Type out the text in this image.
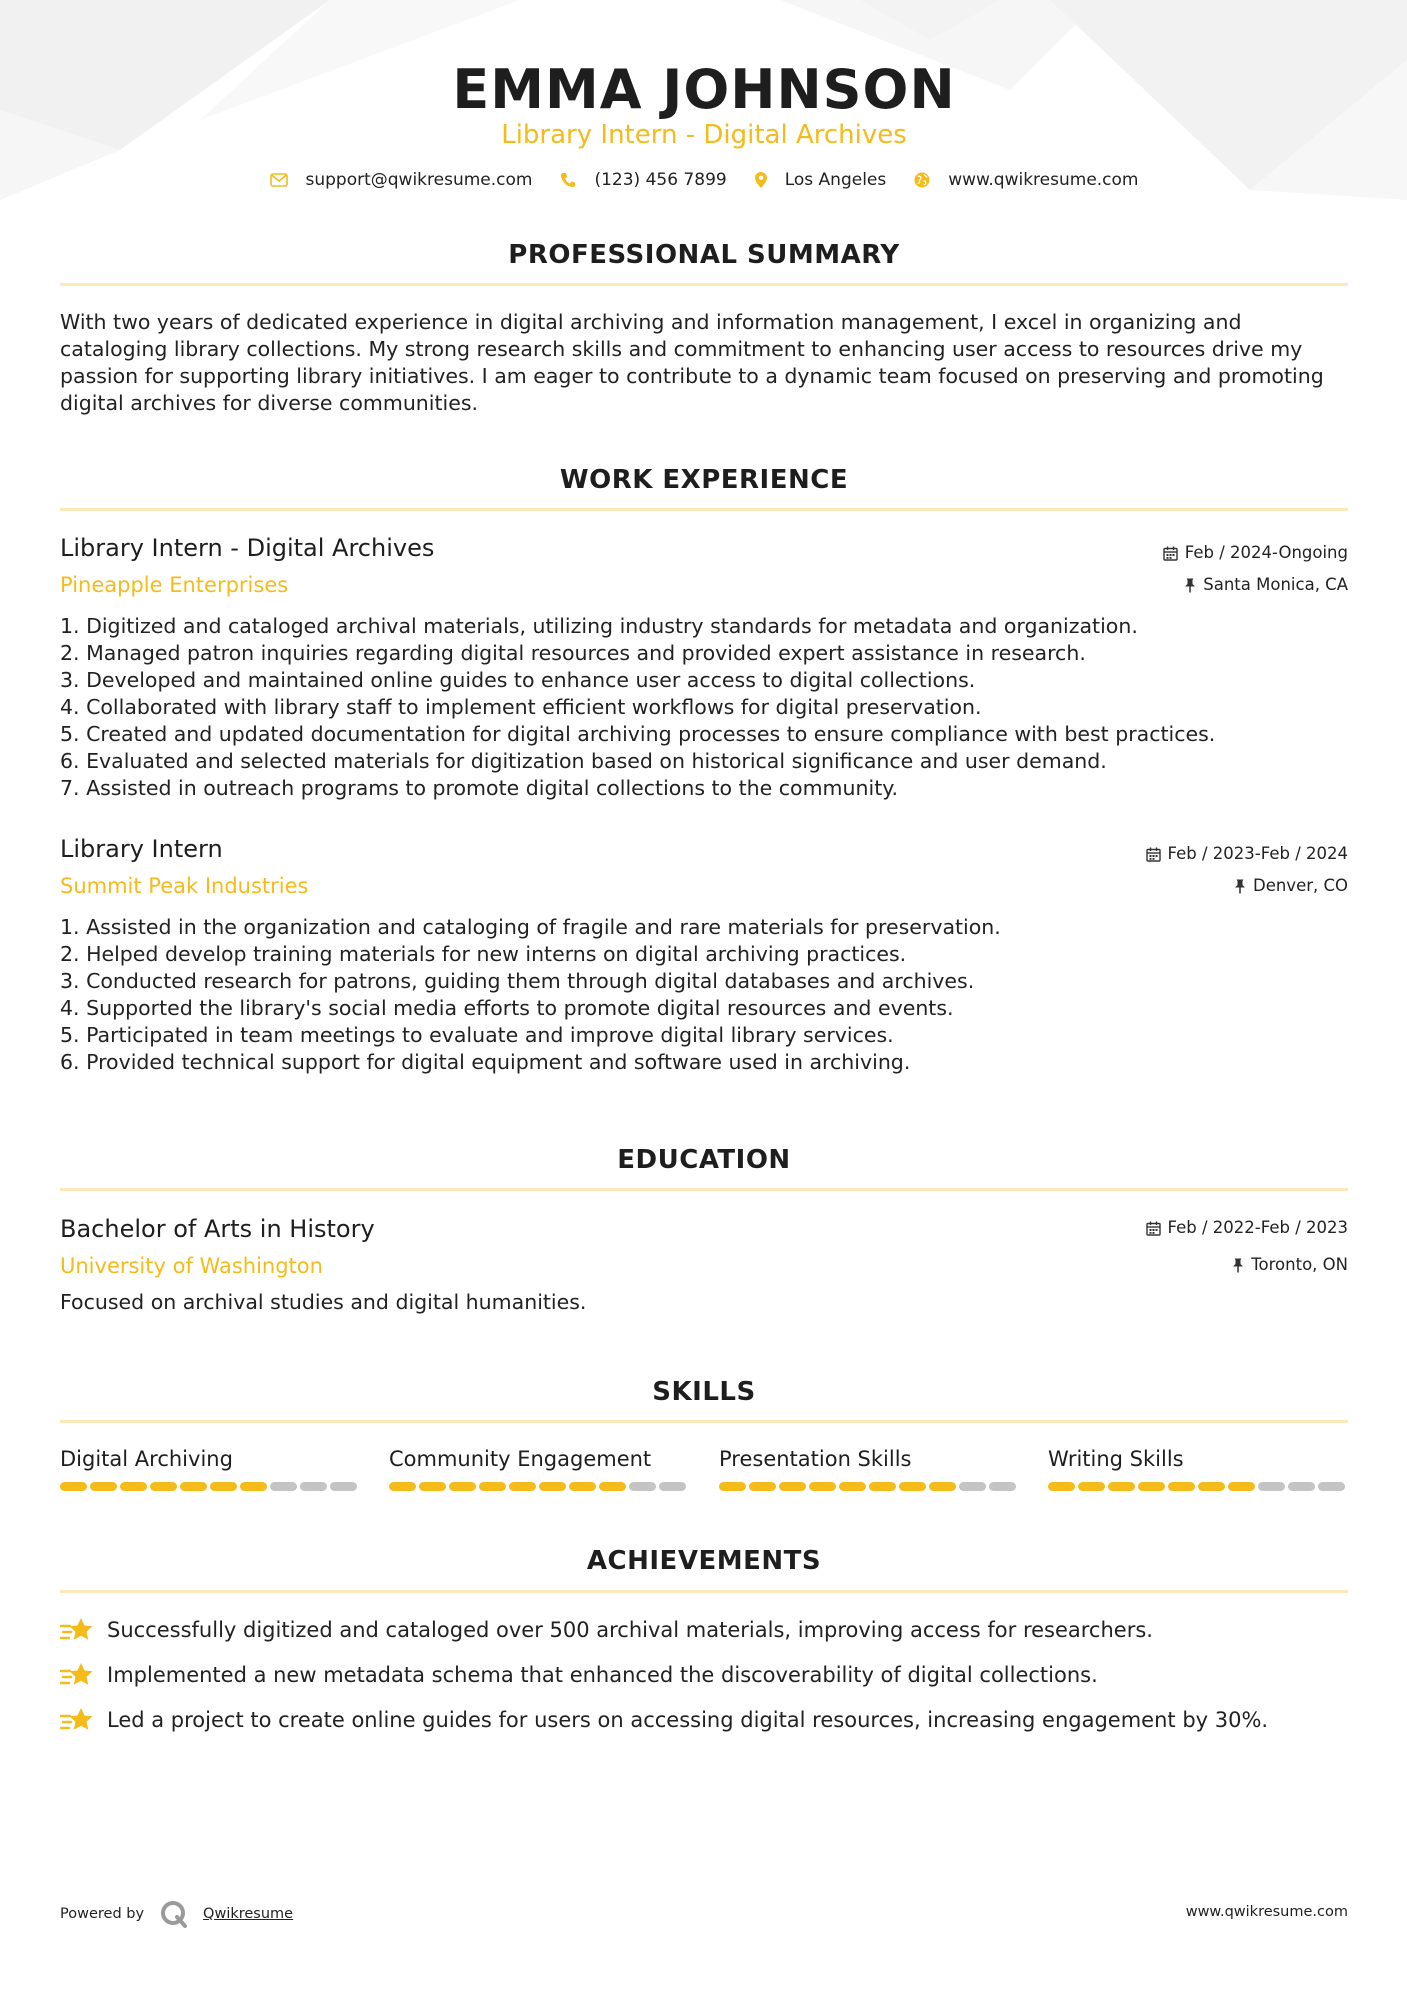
EMMA JOHNSON
Library Intern - Digital Archives
support@qwikresume.com	(123) 456 7899	Los Angeles	www.qwikresume.com
PROFESSIONAL SUMMARY
With two years of dedicated experience in digital archiving and information management, I excel in organizing and cataloging library collections. My strong research skills and commitment to enhancing user access to resources drive my passion for supporting library initiatives. I am eager to contribute to a dynamic team focused on preserving and promoting digital archives for diverse communities.
WORK EXPERIENCE
Library Intern - Digital Archives	Feb / 2024-Ongoing
Pineapple Enterprises	Santa Monica, CA
1. Digitized and cataloged archival materials, utilizing industry standards for metadata and organization.
2. Managed patron inquiries regarding digital resources and provided expert assistance in research.
3. Developed and maintained online guides to enhance user access to digital collections.
4. Collaborated with library staff to implement efficient workflows for digital preservation.
5. Created and updated documentation for digital archiving processes to ensure compliance with best practices.
6. Evaluated and selected materials for digitization based on historical significance and user demand.
7. Assisted in outreach programs to promote digital collections to the community.
Library Intern	Feb / 2023-Feb / 2024
Summit Peak Industries	Denver, CO
1. Assisted in the organization and cataloging of fragile and rare materials for preservation.
2. Helped develop training materials for new interns on digital archiving practices.
3. Conducted research for patrons, guiding them through digital databases and archives.
4. Supported the library's social media efforts to promote digital resources and events.
5. Participated in team meetings to evaluate and improve digital library services.
6. Provided technical support for digital equipment and software used in archiving.
EDUCATION
Bachelor of Arts in History	Feb / 2022-Feb / 2023
University of Washington	Toronto, ON
Focused on archival studies and digital humanities.
SKILLS
Digital Archiving	Community Engagement	Presentation Skills	Writing Skills
ACHIEVEMENTS
Successfully digitized and cataloged over 500 archival materials, improving access for researchers.
Implemented a new metadata schema that enhanced the discoverability of digital collections.
Led a project to create online guides for users on accessing digital resources, increasing engagement by 30%.
Powered by	Qwikresume	www.qwikresume.com
